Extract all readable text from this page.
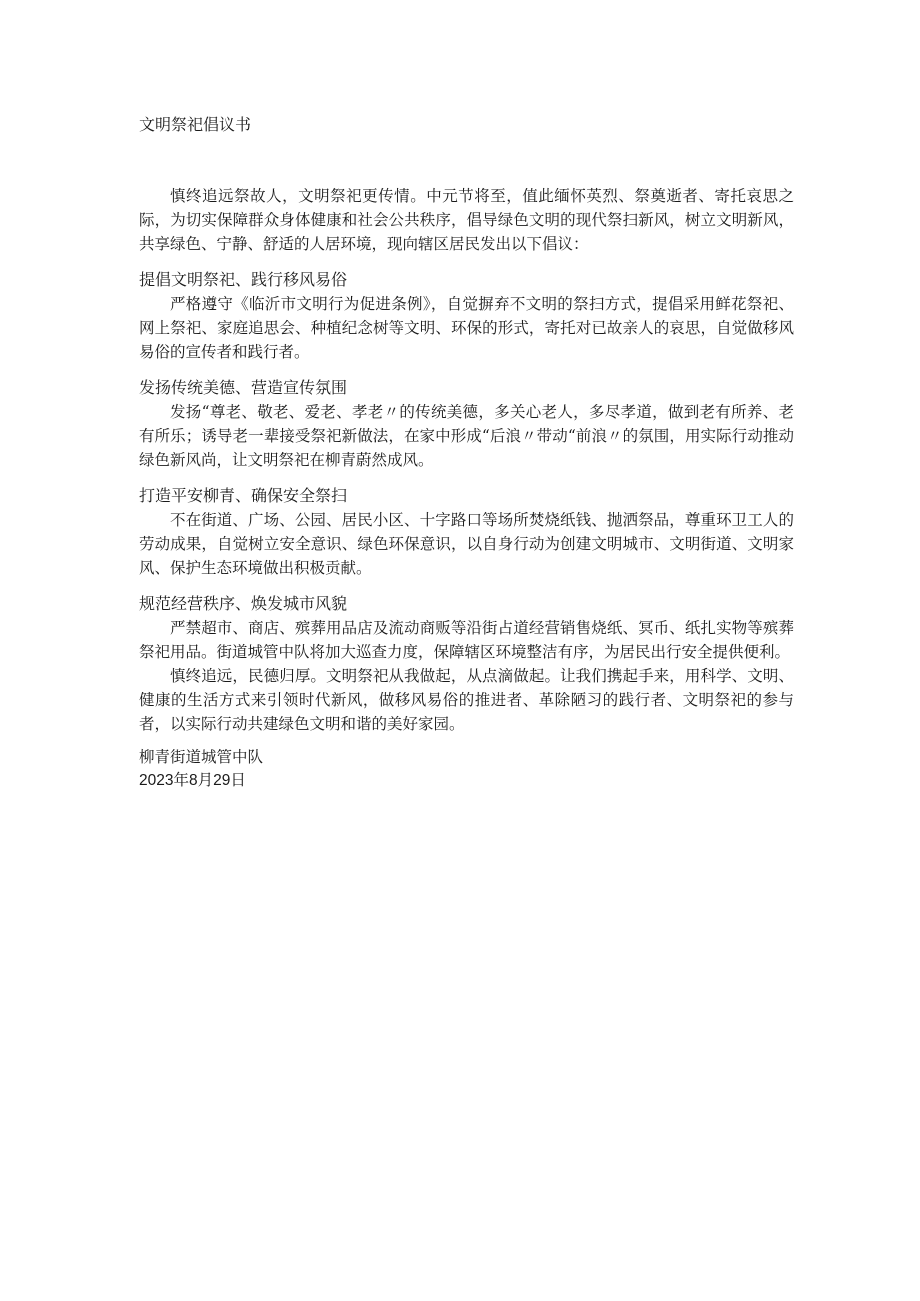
文明祭祀倡议书

慎终追远祭故人，文明祭祀更传情。中元节将至，值此缅怀英烈、祭奠逝者、寄托哀思之际，为切实保障群众身体健康和社会公共秩序，倡导绿色文明的现代祭扫新风，树立文明新风，共享绿色、宁静、舒适的人居环境，现向辖区居民发出以下倡议：

提倡文明祭祀、践行移风易俗

严格遵守《临沂市文明行为促进条例》，自觉摒弃不文明的祭扫方式，提倡采用鲜花祭祀、网上祭祀、家庭追思会、种植纪念树等文明、环保的形式，寄托对已故亲人的哀思，自觉做移风易俗的宣传者和践行者。

发扬传统美德、营造宣传氛围

发扬“尊老、敬老、爱老、孝老〃的传统美德，多关心老人，多尽孝道，做到老有所养、老有所乐；诱导老一辈接受祭祀新做法，在家中形成“后浪〃带动“前浪〃的氛围，用实际行动推动绿色新风尚，让文明祭祀在柳青蔚然成风。

打造平安柳青、确保安全祭扫

不在街道、广场、公园、居民小区、十字路口等场所焚烧纸钱、抛洒祭品，尊重环卫工人的劳动成果，自觉树立安全意识、绿色环保意识，以自身行动为创建文明城市、文明街道、文明家风、保护生态环境做出积极贡献。

规范经营秩序、焕发城市风貌

严禁超市、商店、殡葬用品店及流动商贩等沿街占道经营销售烧纸、冥币、纸扎实物等殡葬祭祀用品。街道城管中队将加大巡查力度，保障辖区环境整洁有序，为居民出行安全提供便利。

慎终追远，民德归厚。文明祭祀从我做起，从点滴做起。让我们携起手来，用科学、文明、健康的生活方式来引领时代新风，做移风易俗的推进者、革除陋习的践行者、文明祭祀的参与者，以实际行动共建绿色文明和谐的美好家园。

柳青街道城管中队
2023年8月29日
